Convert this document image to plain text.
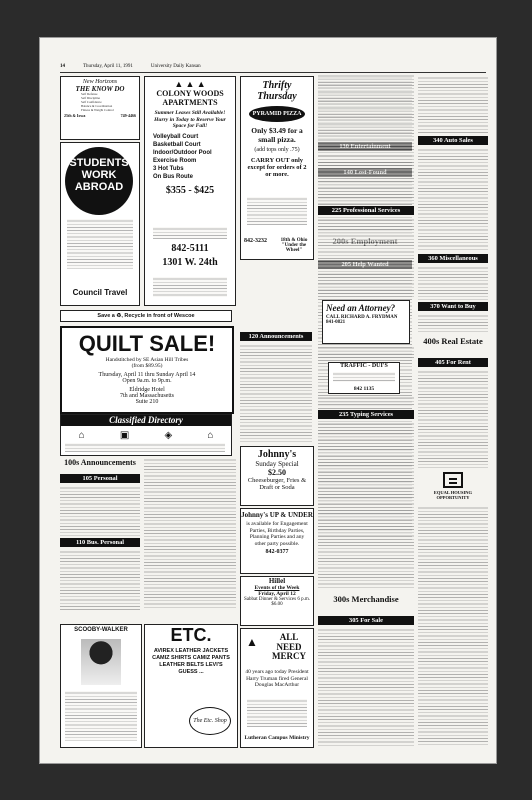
14	Thursday, April 11, 1991	University Daily Kansan
New Horizons
THE KNOW DO
Self Defense
Self Discipline
Self Confidence
Balance & Coordination
Fitness & Weight Control
25th & Iowa	749-4466
STUDENTS
WORK
ABROAD
Council Travel
Save a ♻, Recycle in front of Wescoe
QUILT SALE!
Handstitched by SE Asian Hill Tribes
(from $89.95)
Thursday, April 11 thru Sunday April 14
Open 9a.m. to 9p.m.
Eldridge Hotel
7th and Massachusetts
Suite 210
Classified Directory
⌂	▣	◈	⌂
100s Announcements
105 Personal
110 Bus. Personal
SCOOBY-WALKER
▲ ▲ ▲
COLONY WOODS APARTMENTS
Summer Leases Still Available! Hurry in Today to Reserve Your Space for Fall!
Volleyball Court
Basketball Court
Indoor/Outdoor Pool
Exercise Room
3 Hot Tubs
On Bus Route
$355 - $425
842-5111
1301 W. 24th
ETC.
AVIREX LEATHER JACKETS CAMIZ SHIRTS CAMIZ PANTS LEATHER BELTS LEVI'S GUESS ...
The Etc. Shop
Thrifty
Thursday
PYRAMID PIZZA
Only $3.49 for a small pizza.
(add tops only .75)
CARRY OUT only except for orders of 2 or more.
842-3232	18th & Ohio "Under the Wheel"
120 Announcements
Johnny's
Sunday Special
$2.50
Cheeseburger, Fries & Draft or Soda
Johnny's UP & UNDER
is available for Engagement Parties, Birthday Parties, Planning Parties and any other party possible.
842-0377
Hillel
Events of the Week
Friday, April 12
Sabbat Dinner & Services 6 p.m. $6.00
▲	ALL NEED MERCY
40 years ago today President Harry Truman fired General Douglas MacArthur
Lutheran Campus Ministry
340 Auto Sales
360 Miscellaneous
370 Want to Buy
400s Real Estate
405 For Rent
EQUAL HOUSING OPPORTUNITY
225 Professional Services
Need an Attorney?
CALL RICHARD A. FRYDMAN
841-0821
TRAFFIC - DUI'S
842 1135
235 Typing Services
300s Merchandise
305 For Sale
